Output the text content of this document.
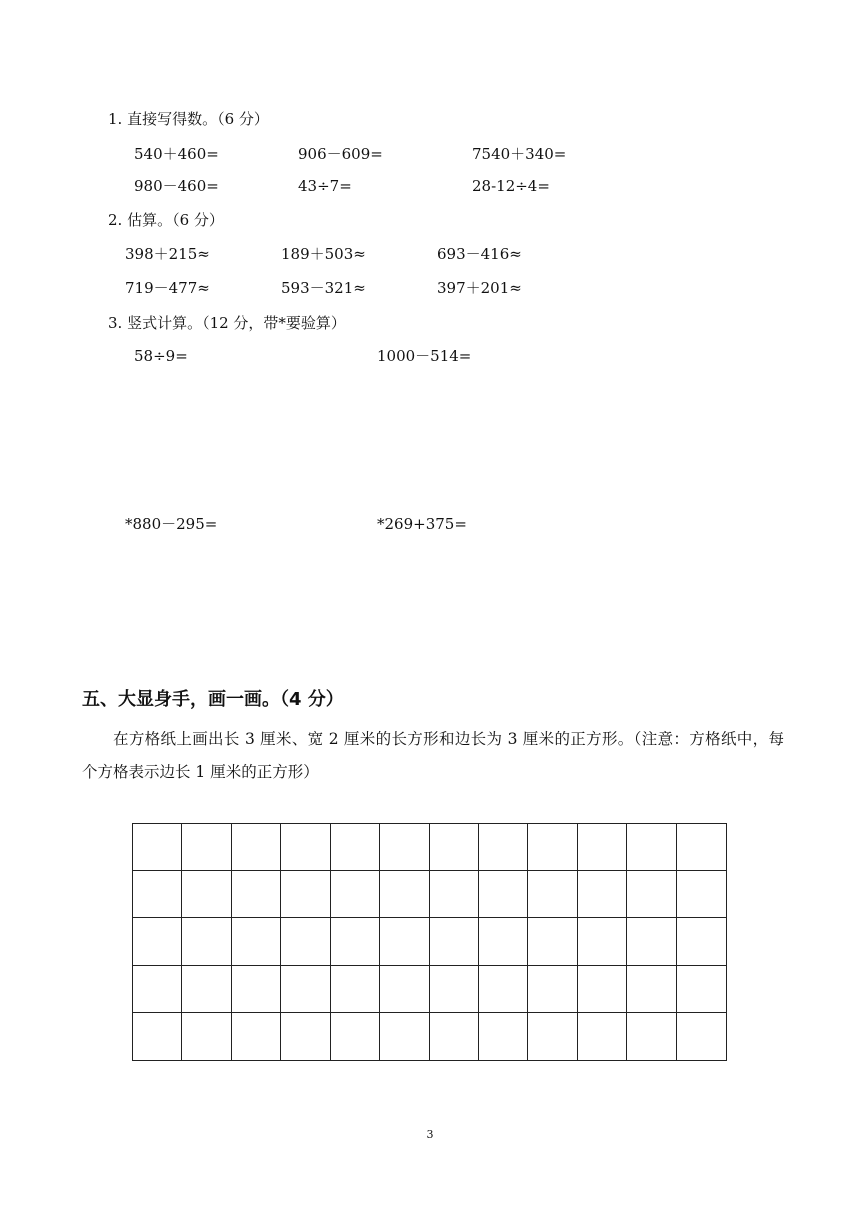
1. 直接写得数。（6 分）
540＋460=	906－609=	7540＋340=
980－460=	43÷7=	28-12÷4=
2. 估算。（6 分）
398＋215≈	189＋503≈	693－416≈
719－477≈	593－321≈	397＋201≈
3. 竖式计算。（12 分，带*要验算）
58÷9=	1000－514=
*880－295=	*269+375=
五、大显身手，画一画。（4 分）
在方格纸上画出长 3 厘米、宽 2 厘米的长方形和边长为 3 厘米的正方形。（注意：方格纸中，每个方格表示边长 1 厘米的正方形）
3
